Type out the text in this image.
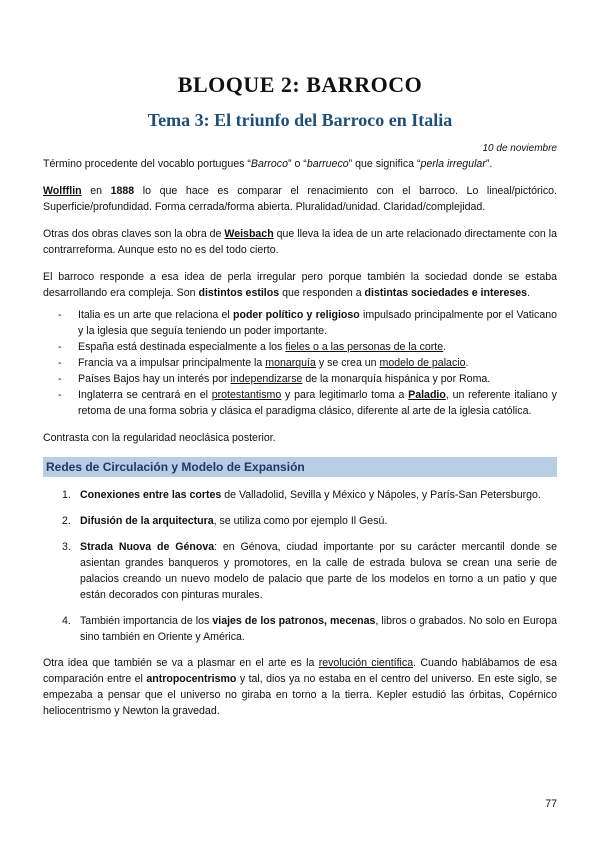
BLOQUE 2: BARROCO
Tema 3: El triunfo del Barroco en Italia
10 de noviembre

Término procedente del vocablo portugues “Barroco” o “barrueco” que significa “perla irregular”.

Wolfflin en 1888 lo que hace es comparar el renacimiento con el barroco. Lo lineal/pictórico. Superficie/profundidad. Forma cerrada/forma abierta. Pluralidad/unidad. Claridad/complejidad.

Otras dos obras claves son la obra de Weisbach que lleva la idea de un arte relacionado directamente con la contrarreforma. Aunque esto no es del todo cierto.

El barroco responde a esa idea de perla irregular pero porque también la sociedad donde se estaba desarrollando era compleja. Son distintos estilos que responden a distintas sociedades e intereses.

- Italia es un arte que relaciona el poder político y religioso impulsado principalmente por el Vaticano y la iglesia que seguía teniendo un poder importante.
- España está destinada especialmente a los fieles o a las personas de la corte.
- Francia va a impulsar principalmente la monarquía y se crea un modelo de palacio.
- Países Bajos hay un interés por independizarse de la monarquía hispánica y por Roma.
- Inglaterra se centrará en el protestantismo y para legitimarlo toma a Paladio, un referente italiano y retoma de una forma sobria y clásica el paradigma clásico, diferente al arte de la iglesia católica.

Contrasta con la regularidad neoclásica posterior.

Redes de Circulación y Modelo de Expansión
1. Conexiones entre las cortes de Valladolid, Sevilla y México y Nápoles, y París-San Petersburgo.
2. Difusión de la arquitectura, se utiliza como por ejemplo Il Gesú.
3. Strada Nuova de Génova: en Génova, ciudad importante por su carácter mercantil donde se asientan grandes banqueros y promotores, en la calle de estrada bulova se crean una serie de palacios creando un nuevo modelo de palacio que parte de los modelos en torno a un patio y que están decorados con pinturas murales.
4. También importancia de los viajes de los patronos, mecenas, libros o grabados. No solo en Europa sino también en Oriente y América.

Otra idea que también se va a plasmar en el arte es la revolución científica. Cuando hablábamos de esa comparación entre el antropocentrismo y tal, dios ya no estaba en el centro del universo. En este siglo, se empezaba a pensar que el universo no giraba en torno a la tierra. Kepler estudió las órbitas, Copérnico heliocentrismo y Newton la gravedad.

77
